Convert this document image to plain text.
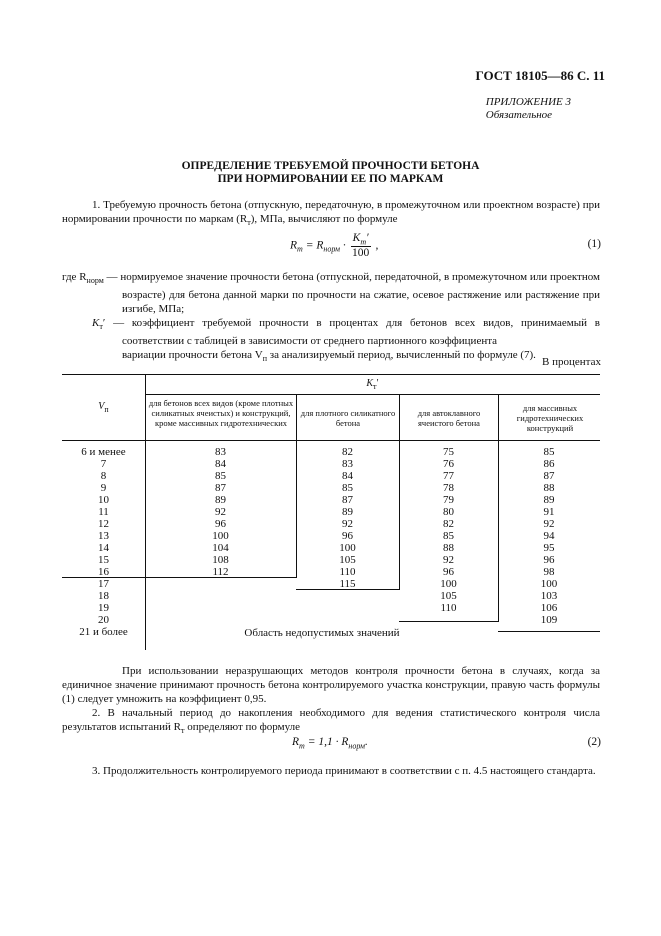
ГОСТ 18105—86 С. 11
ПРИЛОЖЕНИЕ 3
Обязательное
ОПРЕДЕЛЕНИЕ ТРЕБУЕМОЙ ПРОЧНОСТИ БЕТОНА
ПРИ НОРМИРОВАНИИ ЕЕ ПО МАРКАМ
1. Требуемую прочность бетона (отпускную, передаточную, в промежуточном или проектном возрасте) при нормировании прочности по маркам $(R_т)$, МПа, вычисляют по формуле
$R_т = R_{норм} \cdot \frac{K_т'}{100}$ ,	(1)
где $R_{норм}$ — нормируемое значение прочности бетона (отпускной, передаточной, в промежуточном или проектном возрасте) для бетона данной марки по прочности на сжатие, осевое растяжение или растяжение при изгибе, МПа;
$K_т'$ — коэффициент требуемой прочности в процентах для бетонов всех видов, принимаемый в соответствии с таблицей в зависимости от среднего партионного коэффициента
вариации прочности бетона $V_п$ за анализируемый период, вычисленный по формуле (7).
В процентах
$V_п$
$K_т'$
для бетонов всех видов (кроме плотных силикатных ячеистых) и конструкций, кроме массивных гидротехнических
для плотного силикатного бетона
для автоклавного ячеистого бетона
для массивных гидротехнических конструкций
6 и менее
7
8
9
10
11
12
13
14
15
16
17
18
19
20
21 и более
83
84
85
87
89
92
96
100
104
108
112
82
83
84
85
87
89
92
96
100
105
110
115
75
76
77
78
79
80
82
85
88
92
96
100
105
110
85
86
87
88
89
91
92
94
95
96
98
100
103
106
109
Область недопустимых значений
При использовании неразрушающих методов контроля прочности бетона в случаях, когда за единичное значение принимают прочность бетона контролируемого участка конструкции, правую часть формулы (1) следует умножить на коэффициент 0,95.
2. В начальный период до накопления необходимого для ведения статистического контроля числа результатов испытаний $R_т$ определяют по формуле
$R_т = 1,1 \cdot R_{норм}$.	(2)
3. Продолжительность контролируемого периода принимают в соответствии с п. 4.5 настоящего стандарта.
